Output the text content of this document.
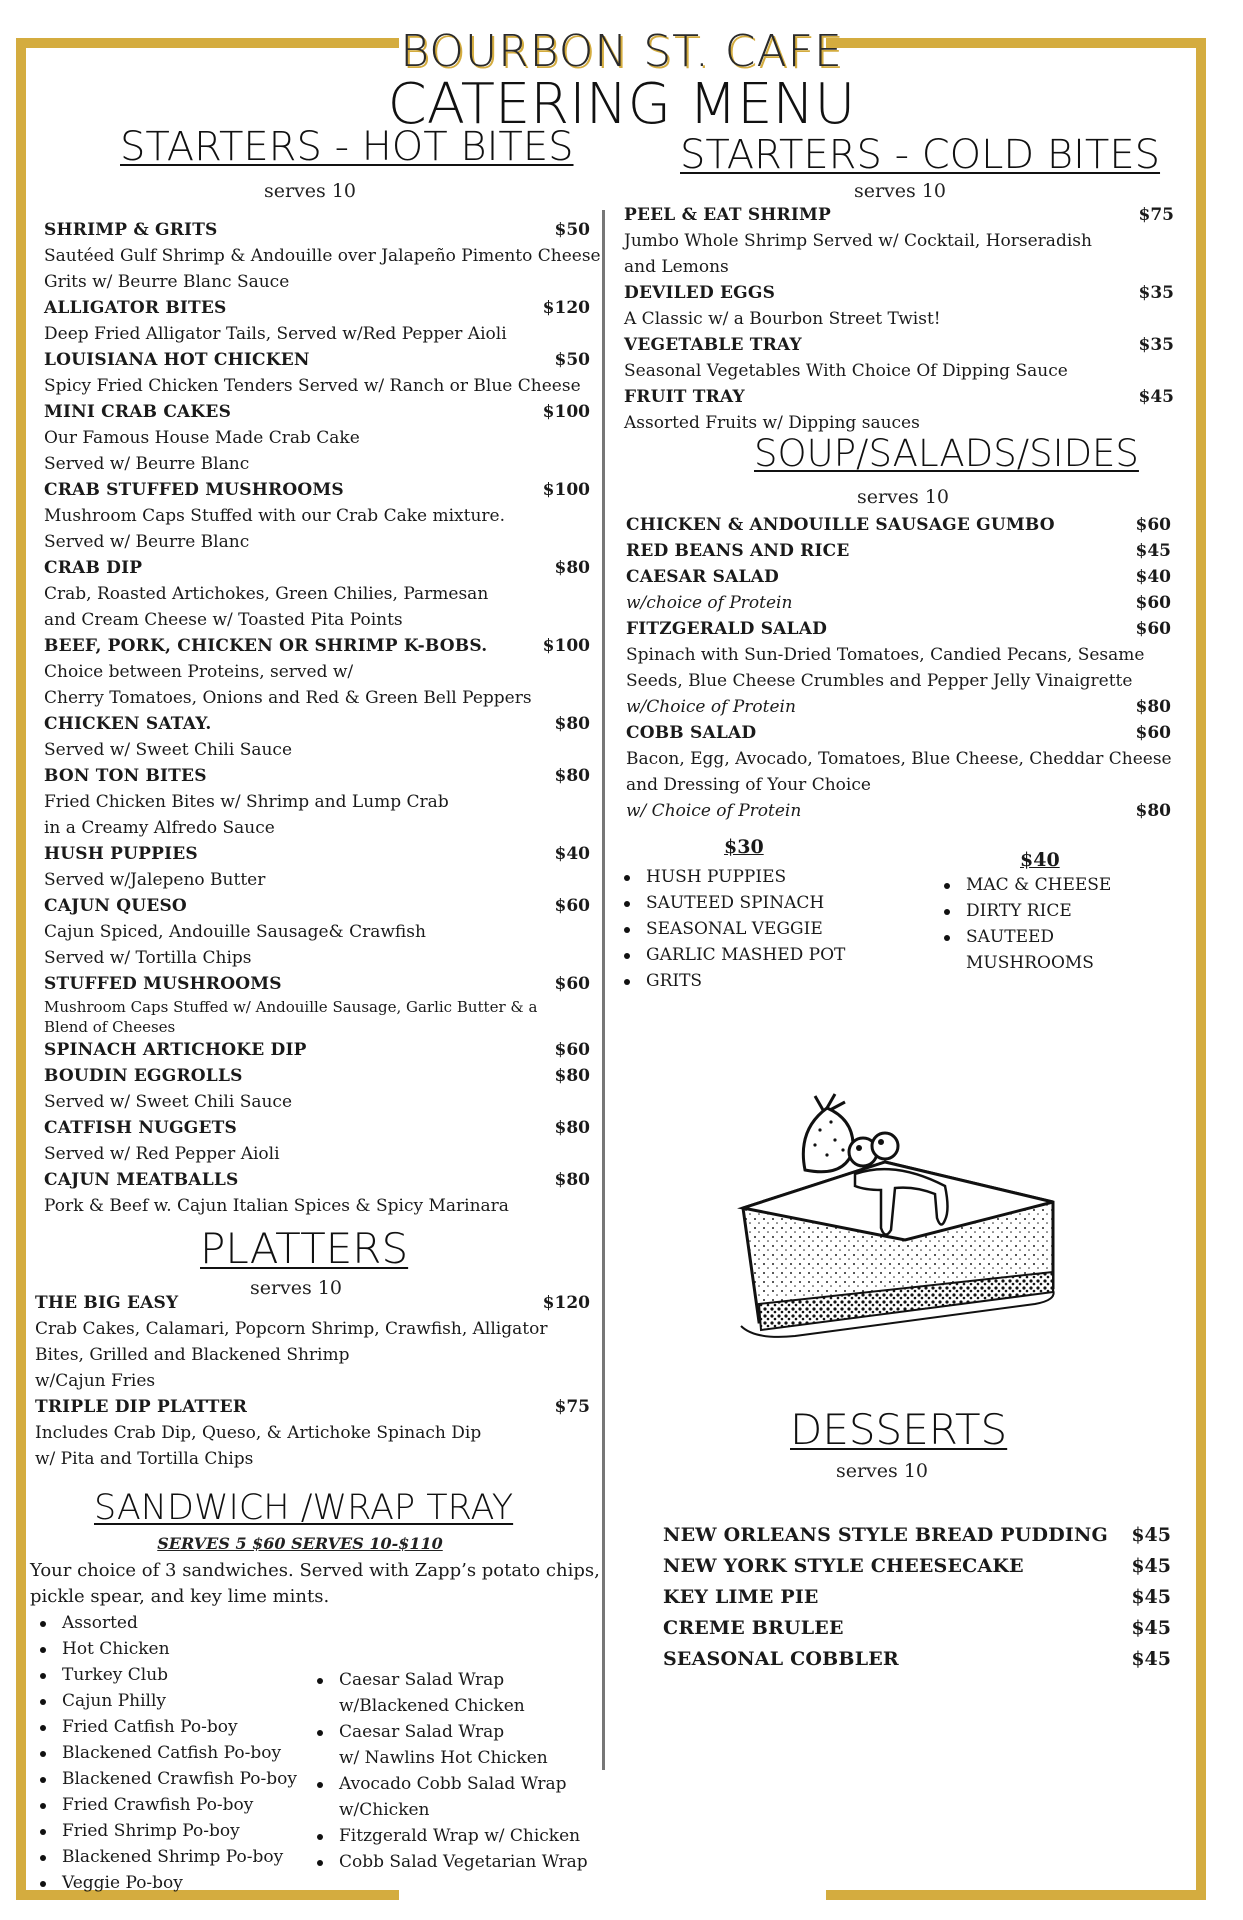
BOURBON ST. CAFE
CATERING MENU
STARTERS - HOT BITES
serves 10
SHRIMP & GRITS	$50
Sautéed Gulf Shrimp & Andouille over Jalapeño Pimento Cheese
Grits w/ Beurre Blanc Sauce
ALLIGATOR BITES	$120
Deep Fried Alligator Tails, Served w/Red Pepper Aioli
LOUISIANA HOT CHICKEN	$50
Spicy Fried Chicken Tenders Served w/ Ranch or Blue Cheese
MINI CRAB CAKES	$100
Our Famous House Made Crab Cake
Served w/ Beurre Blanc
CRAB STUFFED MUSHROOMS	$100
Mushroom Caps Stuffed with our Crab Cake mixture.
Served w/ Beurre Blanc
CRAB DIP	$80
Crab, Roasted Artichokes, Green Chilies, Parmesan
and Cream Cheese w/ Toasted Pita Points
BEEF, PORK, CHICKEN OR SHRIMP K-BOBS.	$100
Choice between Proteins, served w/
Cherry Tomatoes, Onions and Red & Green Bell Peppers
CHICKEN SATAY.	$80
Served w/ Sweet Chili Sauce
BON TON BITES	$80
Fried Chicken Bites w/ Shrimp and Lump Crab
in a Creamy Alfredo Sauce
HUSH PUPPIES	$40
Served w/Jalepeno Butter
CAJUN QUESO	$60
Cajun Spiced, Andouille Sausage& Crawfish
Served w/ Tortilla Chips
STUFFED MUSHROOMS	$60
Mushroom Caps Stuffed w/ Andouille Sausage, Garlic Butter & a
Blend of Cheeses
SPINACH ARTICHOKE DIP	$60
BOUDIN EGGROLLS	$80
Served w/ Sweet Chili Sauce
CATFISH NUGGETS	$80
Served w/ Red Pepper Aioli
CAJUN MEATBALLS	$80
Pork & Beef w. Cajun Italian Spices & Spicy Marinara
PLATTERS
serves 10
THE BIG EASY	$120
Crab Cakes, Calamari, Popcorn Shrimp, Crawfish, Alligator
Bites, Grilled and Blackened Shrimp
w/Cajun Fries
TRIPLE DIP PLATTER	$75
Includes Crab Dip, Queso, & Artichoke Spinach Dip
w/ Pita and Tortilla Chips
SANDWICH /WRAP TRAY
SERVES 5 $60 SERVES 10-$110
Your choice of 3 sandwiches. Served with Zapp’s potato chips,
pickle spear, and key lime mints.
Assorted
Hot Chicken
Turkey Club
Cajun Philly
Fried Catfish Po-boy
Blackened Catfish Po-boy
Blackened Crawfish Po-boy
Fried Crawfish Po-boy
Fried Shrimp Po-boy
Blackened Shrimp Po-boy
Veggie Po-boy
Caesar Salad Wrap
w/Blackened Chicken
Caesar Salad Wrap
w/ Nawlins Hot Chicken
Avocado Cobb Salad Wrap
w/Chicken
Fitzgerald Wrap w/ Chicken
Cobb Salad Vegetarian Wrap
STARTERS - COLD BITES
serves 10
PEEL & EAT SHRIMP	$75
Jumbo Whole Shrimp Served w/ Cocktail, Horseradish
and Lemons
DEVILED EGGS	$35
A Classic w/ a Bourbon Street Twist!
VEGETABLE TRAY	$35
Seasonal Vegetables With Choice Of Dipping Sauce
FRUIT TRAY	$45
Assorted Fruits w/ Dipping sauces
SOUP/SALADS/SIDES
serves 10
CHICKEN & ANDOUILLE SAUSAGE GUMBO	$60
RED BEANS AND RICE	$45
CAESAR SALAD	$40
w/choice of Protein	$60
FITZGERALD SALAD	$60
Spinach with Sun-Dried Tomatoes, Candied Pecans, Sesame
Seeds, Blue Cheese Crumbles and Pepper Jelly Vinaigrette
w/Choice of Protein	$80
COBB SALAD	$60
Bacon, Egg, Avocado, Tomatoes, Blue Cheese, Cheddar Cheese
and Dressing of Your Choice
w/ Choice of Protein	$80
$30
HUSH PUPPIES
SAUTEED SPINACH
SEASONAL VEGGIE
GARLIC MASHED POT
GRITS
$40
MAC & CHEESE
DIRTY RICE
SAUTEED
MUSHROOMS
DESSERTS
serves 10
NEW ORLEANS STYLE BREAD PUDDING $45
NEW YORK STYLE CHEESECAKE	$45
KEY LIME PIE	$45
CREME BRULEE	$45
SEASONAL COBBLER	$45
